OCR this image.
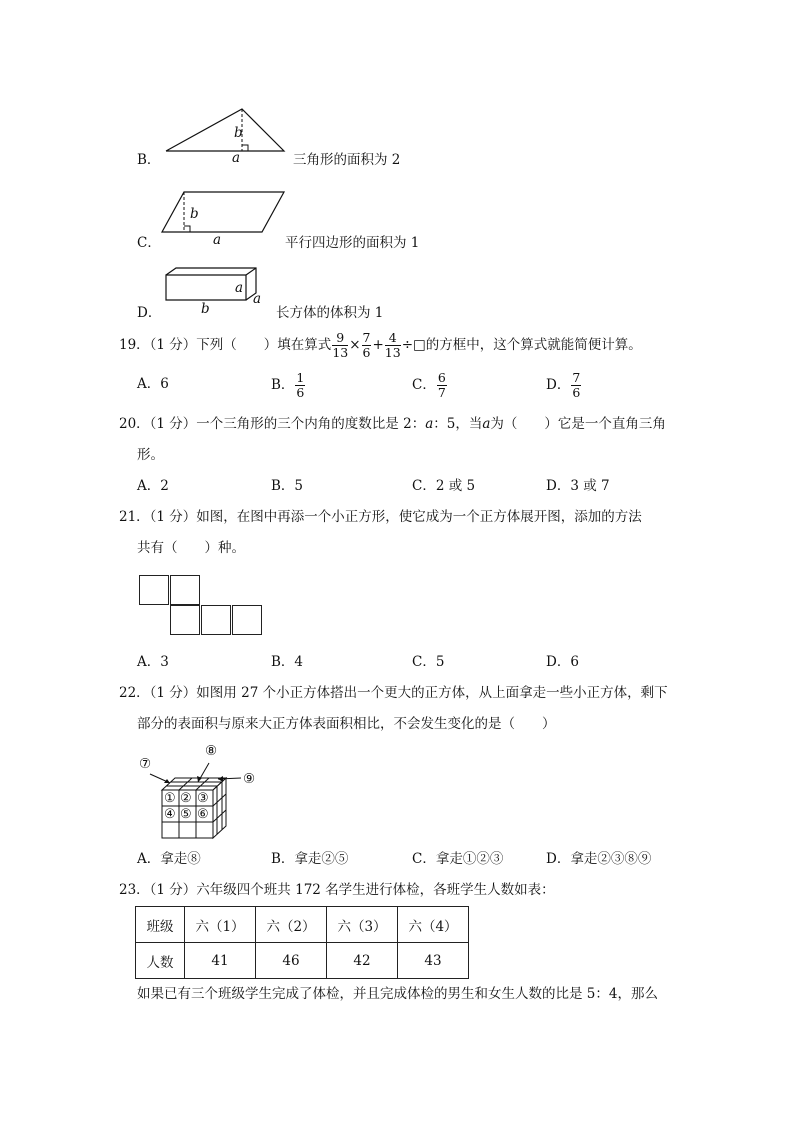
b
a
B．	三角形的面积为 2
b
a
C．	平行四边形的面积为 1
a
b
a
D．	长方体的体积为 1
19．（1 分）下列（　　）填在算式 $\frac{9}{13} \times \frac{7}{6} + \frac{4}{13}$ ÷□的方框中，这个算式就能简便计算。
A．6	B． $\frac{1}{6}$	C． $\frac{6}{7}$	D． $\frac{7}{6}$
20．（1 分）一个三角形的三个内角的度数比是 2：a：5，当a为（　　）它是一个直角三角
形。
A．2	B．5	C．2 或 5	D．3 或 7
21．（1 分）如图，在图中再添一个小正方形，使它成为一个正方体展开图，添加的方法
共有（　　）种。
A．3	B．4	C．5	D．6
22．（1 分）如图用 27 个小正方体搭出一个更大的正方体，从上面拿走一些小正方体，剩下
部分的表面积与原来大正方体表面积相比，不会发生变化的是（　　）
① ② ③
④ ⑤ ⑥
⑦
⑧
⑨
A．拿走⑧	B．拿走②⑤	C．拿走①②③	D．拿走②③⑧⑨
23．（1 分）六年级四个班共 172 名学生进行体检，各班学生人数如表：
班级	六（1）	六（2）	六（3）	六（4）
人数	41	46	42	43
如果已有三个班级学生完成了体检，并且完成体检的男生和女生人数的比是 5：4，那么
